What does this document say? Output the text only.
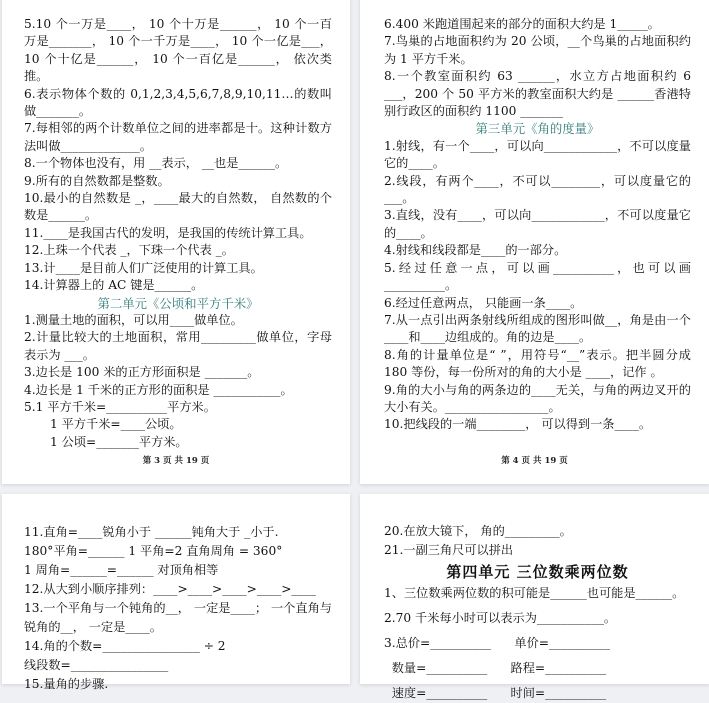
5.10 个一万是____， 10 个十万是______， 10 个一百万是_______， 10 个一千万是____， 10 个一亿是___， 10 个十亿是______， 10 个一百亿是______， 依次类推。
6.表示物体个数的 0,1,2,3,4,5,6,7,8,9,10,11…的数叫做_______。
7.每相邻的两个计数单位之间的进率都是十。这种计数方法叫做_____________。
8.一个物体也没有，用 __表示， __也是______。
9.所有的自然数都是整数。
10.最小的自然数是 _，____最大的自然数， 自然数的个数是______。
11.____是我国古代的发明，是我国的传统计算工具。
12.上珠一个代表 _，下珠一个代表 _。
13.计____是目前人们广泛使用的计算工具。
14.计算器上的 AC 键是______。
第二单元《公顷和平方千米》
1.测量土地的面积，可以用____做单位。
2.计量比较大的土地面积，常用_________做单位，字母表示为 ___。
3.边长是 100 米的正方形面积是 _______。
4.边长是 1 千米的正方形的面积是 ___________。
5.1 平方千米=__________平方米。
1 平方千米=____公顷。
1 公顷=_______平方米。
第 3 页 共 19 页
6.400 米跑道围起来的部分的面积大约是 1_____。
7.鸟巢的占地面积约为 20 公顷，__个鸟巢的占地面积约为 1 平方千米。
8.一个教室面积约 63 ______，水立方占地面积约 6 ___，200 个 50 平方米的教室面积大约是 ______香港特别行政区的面积约 1100 _______
第三单元《角的度量》
1.射线，有一个____，可以向____________，不可以度量它的____。
2.线段，有两个____，不可以________，可以度量它的___。
3.直线，没有____，可以向____________，不可以度量它的____。
4.射线和线段都是____的一部分。
5.经过任意一点，可以画__________，也可以画__________。
6.经过任意两点， 只能画一条____。
7.从一点引出两条射线所组成的图形叫做__，角是由一个____和____边组成的。角的边是____。
8.角的计量单位是“ ”，用符号“__”表示。把半圆分成 180 等份，每一份所对的角的大小是 ____，记作 。
9.角的大小与角的两条边的____无关，与角的两边叉开的大小有关。_________________。
10.把线段的一端________， 可以得到一条____。
第 4 页 共 19 页
11.直角=____锐角小于 ______钝角大于 _小于.
180°平角=______ 1 平角=2 直角周角 = 360°
1 周角=______=______ 对顶角相等
12.从大到小顺序排列：____>____>____>____>____
13.一个平角与一个钝角的__， 一定是____； 一个直角与锐角的__， 一定是____。
14.角的个数=________________ ÷ 2
线段数=________________
15.量角的步骤.
20.在放大镜下， 角的_________。
21.一副三角尺可以拼出
第四单元 三位数乘两位数
1、三位数乘两位数的积可能是______也可能是______。
2.70 千米每小时可以表示为___________。
3.总价=__________      单价=__________
数量=__________      路程=__________
速度=__________      时间=__________
